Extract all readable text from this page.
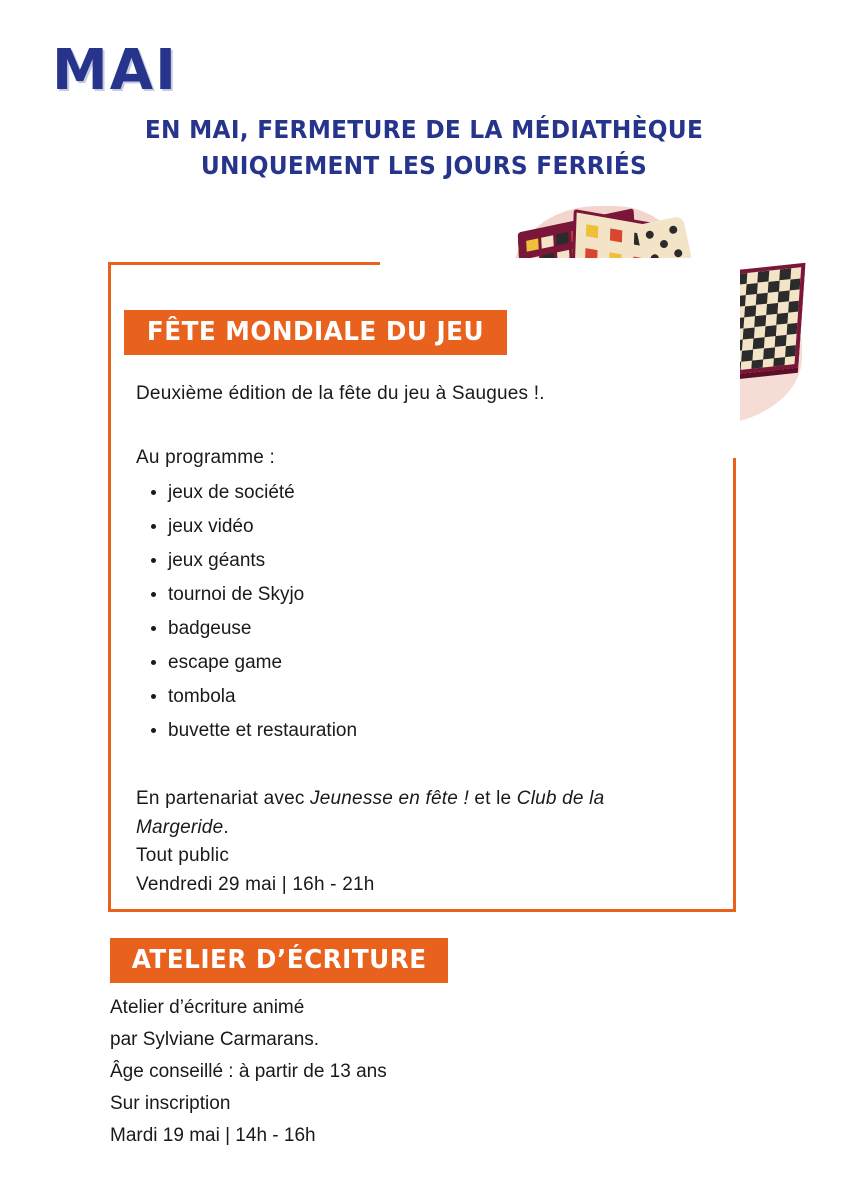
MAI
EN MAI, FERMETURE DE LA MÉDIATHÈQUE
UNIQUEMENT LES JOURS FERRIÉS
FÊTE MONDIALE DU JEU
Deuxième édition de la fête du jeu à Saugues !.
Au programme :
• jeux de société
• jeux vidéo
• jeux géants
• tournoi de Skyjo
• badgeuse
• escape game
• tombola
• buvette et restauration
En partenariat avec Jeunesse en fête ! et le Club de la Margeride.
Tout public
Vendredi 29 mai | 16h - 21h
ATELIER D’ÉCRITURE
Atelier d’écriture animé
par Sylviane Carmarans.
Âge conseillé : à partir de 13 ans
Sur inscription
Mardi 19 mai | 14h - 16h
